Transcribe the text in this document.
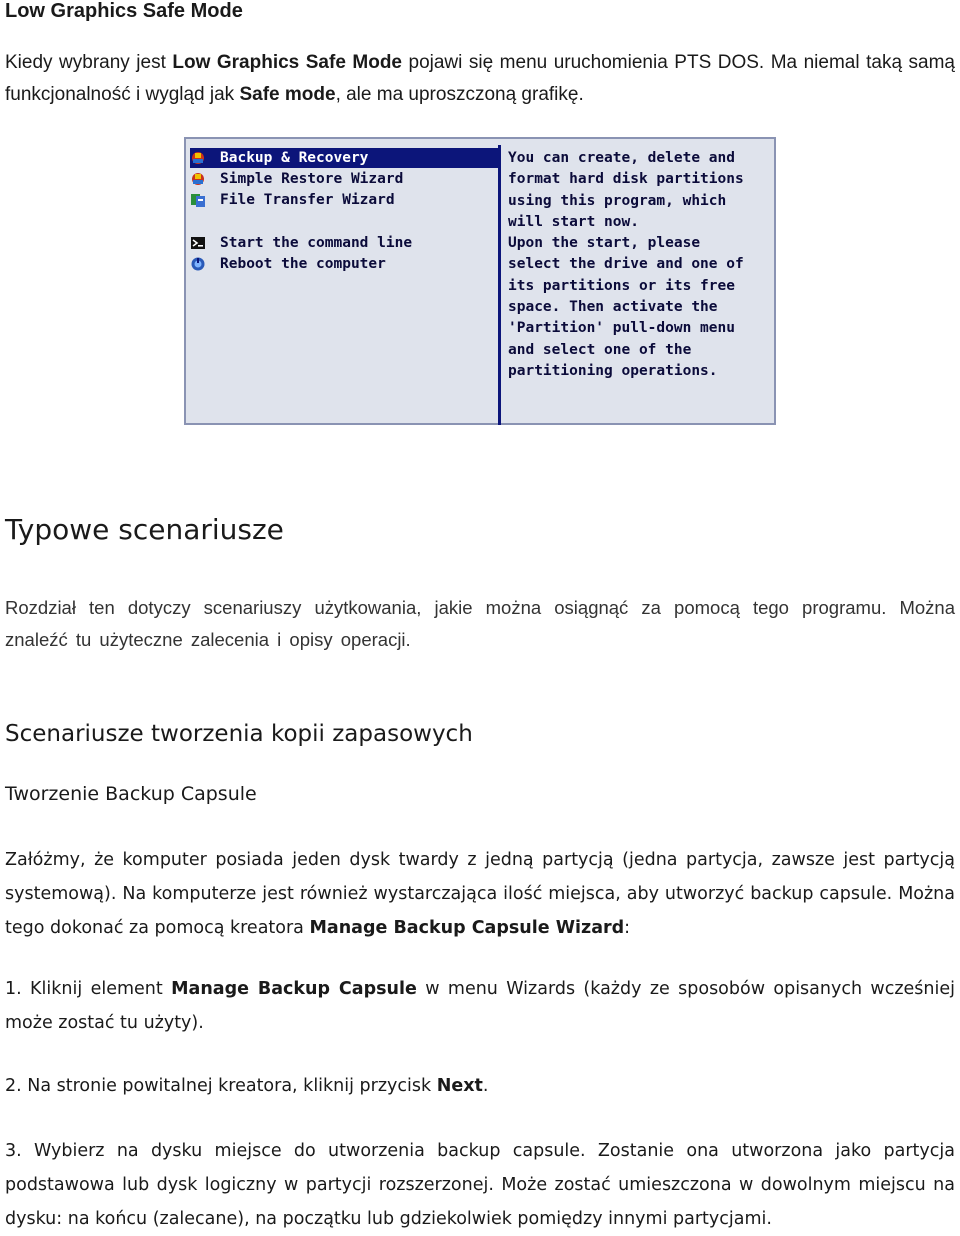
Low Graphics Safe Mode
Kiedy wybrany jest Low Graphics Safe Mode pojawi się menu uruchomienia PTS DOS. Ma niemal taką samą funkcjonalność i wygląd jak Safe mode, ale ma uproszczoną grafikę.
Backup & Recovery
Simple Restore Wizard
File Transfer Wizard
Start the command line
Reboot the computer
You can create, delete and
format hard disk partitions
using this program, which
will start now.
Upon the start, please
select the drive and one of
its partitions or its free
space. Then activate the
'Partition' pull-down menu
and select one of the
partitioning operations.
Typowe scenariusze
Rozdział ten dotyczy scenariuszy użytkowania, jakie można osiągnąć za pomocą tego programu. Można znaleźć tu użyteczne zalecenia i opisy operacji.
Scenariusze tworzenia kopii zapasowych
Tworzenie Backup Capsule
Załóżmy, że komputer posiada jeden dysk twardy z jedną partycją (jedna partycja, zawsze jest partycją systemową). Na komputerze jest również wystarczająca ilość miejsca, aby utworzyć backup capsule. Można tego dokonać za pomocą kreatora Manage Backup Capsule Wizard:
1. Kliknij element Manage Backup Capsule w menu Wizards (każdy ze sposobów opisanych wcześniej może zostać tu użyty).
2. Na stronie powitalnej kreatora, kliknij przycisk Next.
3. Wybierz na dysku miejsce do utworzenia backup capsule. Zostanie ona utworzona jako partycja podstawowa lub dysk logiczny w partycji rozszerzonej. Może zostać umieszczona w dowolnym miejscu na dysku: na końcu (zalecane), na początku lub gdziekolwiek pomiędzy innymi partycjami.
